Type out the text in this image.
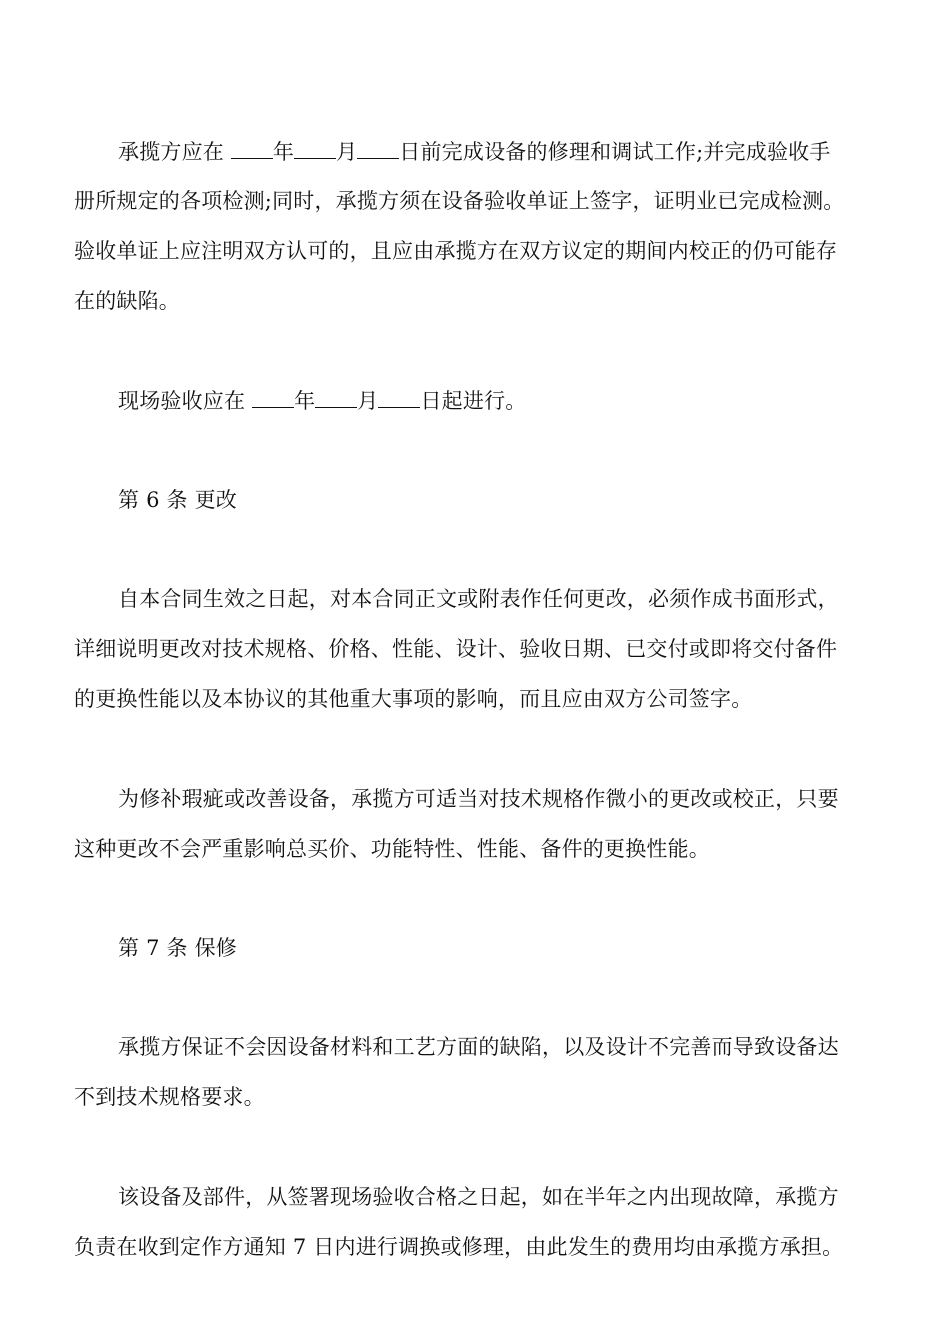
承揽方应在 年 月 日前完成设备的修理和调试工作;并完成验收手
册所规定的各项检测;同时，承揽方须在设备验收单证上签字，证明业已完成检测。
验收单证上应注明双方认可的，且应由承揽方在双方议定的期间内校正的仍可能存
在的缺陷。
现场验收应在 年 月 日起进行。
第 6 条 更改
自本合同生效之日起，对本合同正文或附表作任何更改，必须作成书面形式，
详细说明更改对技术规格、价格、性能、设计、验收日期、已交付或即将交付备件
的更换性能以及本协议的其他重大事项的影响，而且应由双方公司签字。
为修补瑕疵或改善设备，承揽方可适当对技术规格作微小的更改或校正，只要
这种更改不会严重影响总买价、功能特性、性能、备件的更换性能。
第 7 条 保修
承揽方保证不会因设备材料和工艺方面的缺陷，以及设计不完善而导致设备达
不到技术规格要求。
该设备及部件，从签署现场验收合格之日起，如在半年之内出现故障，承揽方
负责在收到定作方通知 7 日内进行调换或修理，由此发生的费用均由承揽方承担。
